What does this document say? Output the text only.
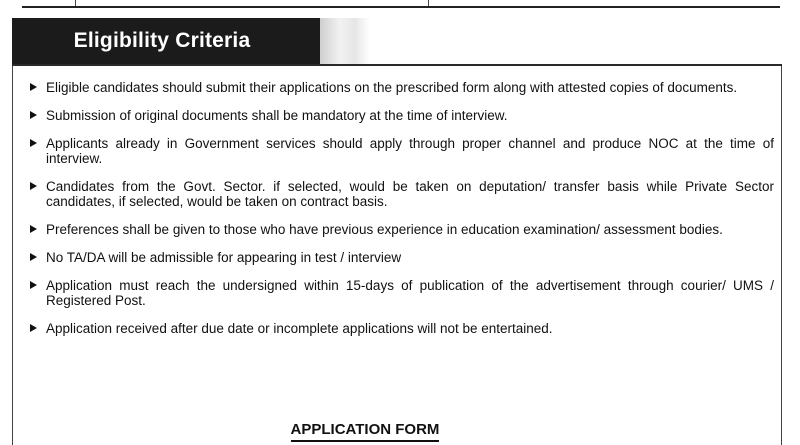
Eligibility Criteria
Eligible candidates should submit their applications on the prescribed form along with attested copies of documents.
Submission of original documents shall be mandatory at the time of interview.
Applicants already in Government services should apply through proper channel and produce NOC at the time of interview.
Candidates from the Govt. Sector. if selected, would be taken on deputation/ transfer basis while Private Sector candidates, if selected, would be taken on contract basis.
Preferences shall be given to those who have previous experience in education examination/ assessment bodies.
No TA/DA will be admissible for appearing in test / interview
Application must reach the undersigned within 15-days of publication of the advertisement through courier/ UMS / Registered Post.
Application received after due date or incomplete applications will not be entertained.
APPLICATION FORM
